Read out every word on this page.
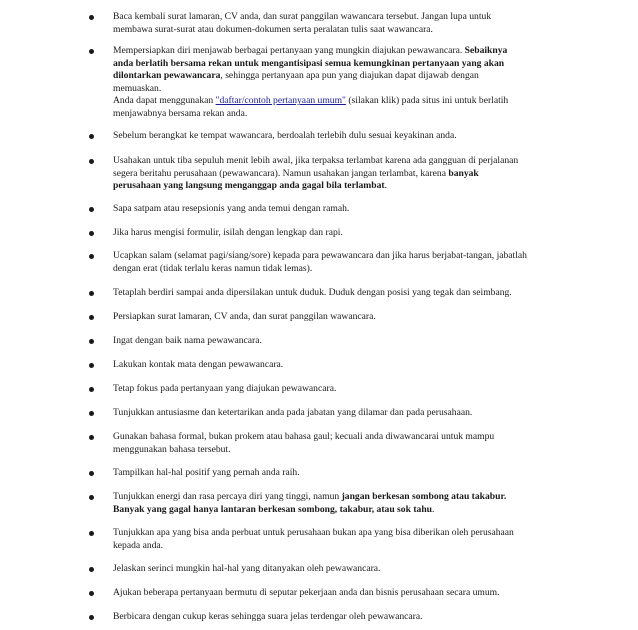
Baca kembali surat lamaran, CV anda, dan surat panggilan wawancara tersebut. Jangan lupa untuk
membawa surat-surat atau dokumen-dokumen serta peralatan tulis saat wawancara.
Mempersiapkan diri menjawab berbagai pertanyaan yang mungkin diajukan pewawancara. Sebaiknya
anda berlatih bersama rekan untuk mengantisipasi semua kemungkinan pertanyaan yang akan
dilontarkan pewawancara, sehingga pertanyaan apa pun yang diajukan dapat dijawab dengan
memuaskan.
Anda dapat menggunakan "daftar/contoh pertanyaan umum" (silakan klik) pada situs ini untuk berlatih
menjawabnya bersama rekan anda.
Sebelum berangkat ke tempat wawancara, berdoalah terlebih dulu sesuai keyakinan anda.
Usahakan untuk tiba sepuluh menit lebih awal, jika terpaksa terlambat karena ada gangguan di perjalanan
segera beritahu perusahaan (pewawancara). Namun usahakan jangan terlambat, karena banyak
perusahaan yang langsung menganggap anda gagal bila terlambat.
Sapa satpam atau resepsionis yang anda temui dengan ramah.
Jika harus mengisi formulir, isilah dengan lengkap dan rapi.
Ucapkan salam (selamat pagi/siang/sore) kepada para pewawancara dan jika harus berjabat-tangan, jabatlah
dengan erat (tidak terlalu keras namun tidak lemas).
Tetaplah berdiri sampai anda dipersilakan untuk duduk. Duduk dengan posisi yang tegak dan seimbang.
Persiapkan surat lamaran, CV anda, dan surat panggilan wawancara.
Ingat dengan baik nama pewawancara.
Lakukan kontak mata dengan pewawancara.
Tetap fokus pada pertanyaan yang diajukan pewawancara.
Tunjukkan antusiasme dan ketertarikan anda pada jabatan yang dilamar dan pada perusahaan.
Gunakan bahasa formal, bukan prokem atau bahasa gaul; kecuali anda diwawancarai untuk mampu
menggunakan bahasa tersebut.
Tampilkan hal-hal positif yang pernah anda raih.
Tunjukkan energi dan rasa percaya diri yang tinggi, namun jangan berkesan sombong atau takabur.
Banyak yang gagal hanya lantaran berkesan sombong, takabur, atau sok tahu.
Tunjukkan apa yang bisa anda perbuat untuk perusahaan bukan apa yang bisa diberikan oleh perusahaan
kepada anda.
Jelaskan serinci mungkin hal-hal yang ditanyakan oleh pewawancara.
Ajukan beberapa pertanyaan bermutu di seputar pekerjaan anda dan bisnis perusahaan secara umum.
Berbicara dengan cukup keras sehingga suara jelas terdengar oleh pewawancara.
